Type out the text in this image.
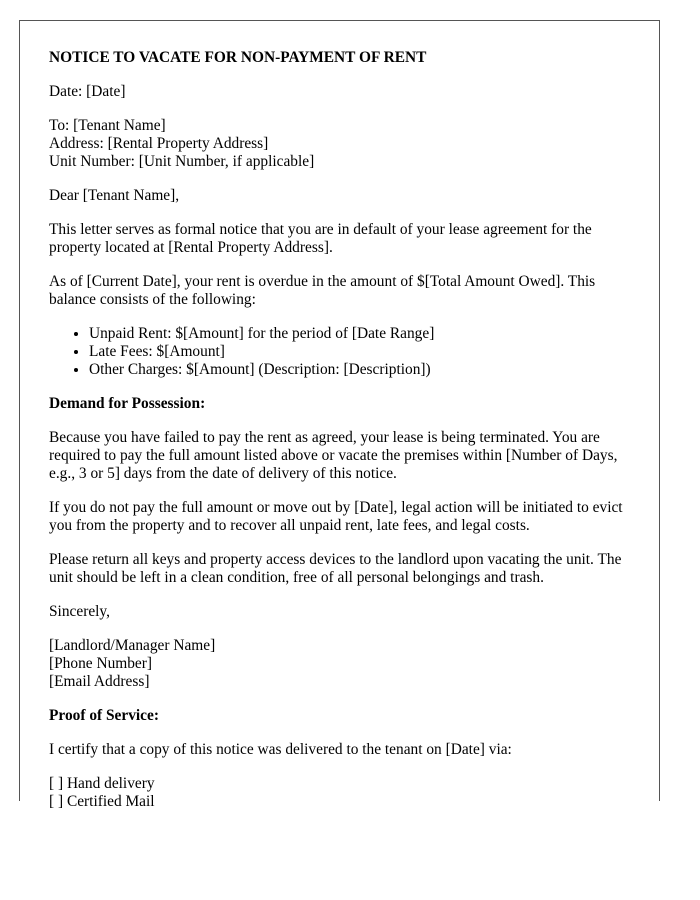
NOTICE TO VACATE FOR NON-PAYMENT OF RENT

Date: [Date]

To: [Tenant Name]
Address: [Rental Property Address]
Unit Number: [Unit Number, if applicable]

Dear [Tenant Name],

This letter serves as formal notice that you are in default of your lease agreement for the property located at [Rental Property Address].

As of [Current Date], your rent is overdue in the amount of $[Total Amount Owed]. This balance consists of the following:

• Unpaid Rent: $[Amount] for the period of [Date Range]
• Late Fees: $[Amount]
• Other Charges: $[Amount] (Description: [Description])

Demand for Possession:

Because you have failed to pay the rent as agreed, your lease is being terminated. You are required to pay the full amount listed above or vacate the premises within [Number of Days, e.g., 3 or 5] days from the date of delivery of this notice.

If you do not pay the full amount or move out by [Date], legal action will be initiated to evict you from the property and to recover all unpaid rent, late fees, and legal costs.

Please return all keys and property access devices to the landlord upon vacating the unit. The unit should be left in a clean condition, free of all personal belongings and trash.

Sincerely,

[Landlord/Manager Name]
[Phone Number]
[Email Address]

Proof of Service:

I certify that a copy of this notice was delivered to the tenant on [Date] via:

[ ] Hand delivery
[ ] Certified Mail
